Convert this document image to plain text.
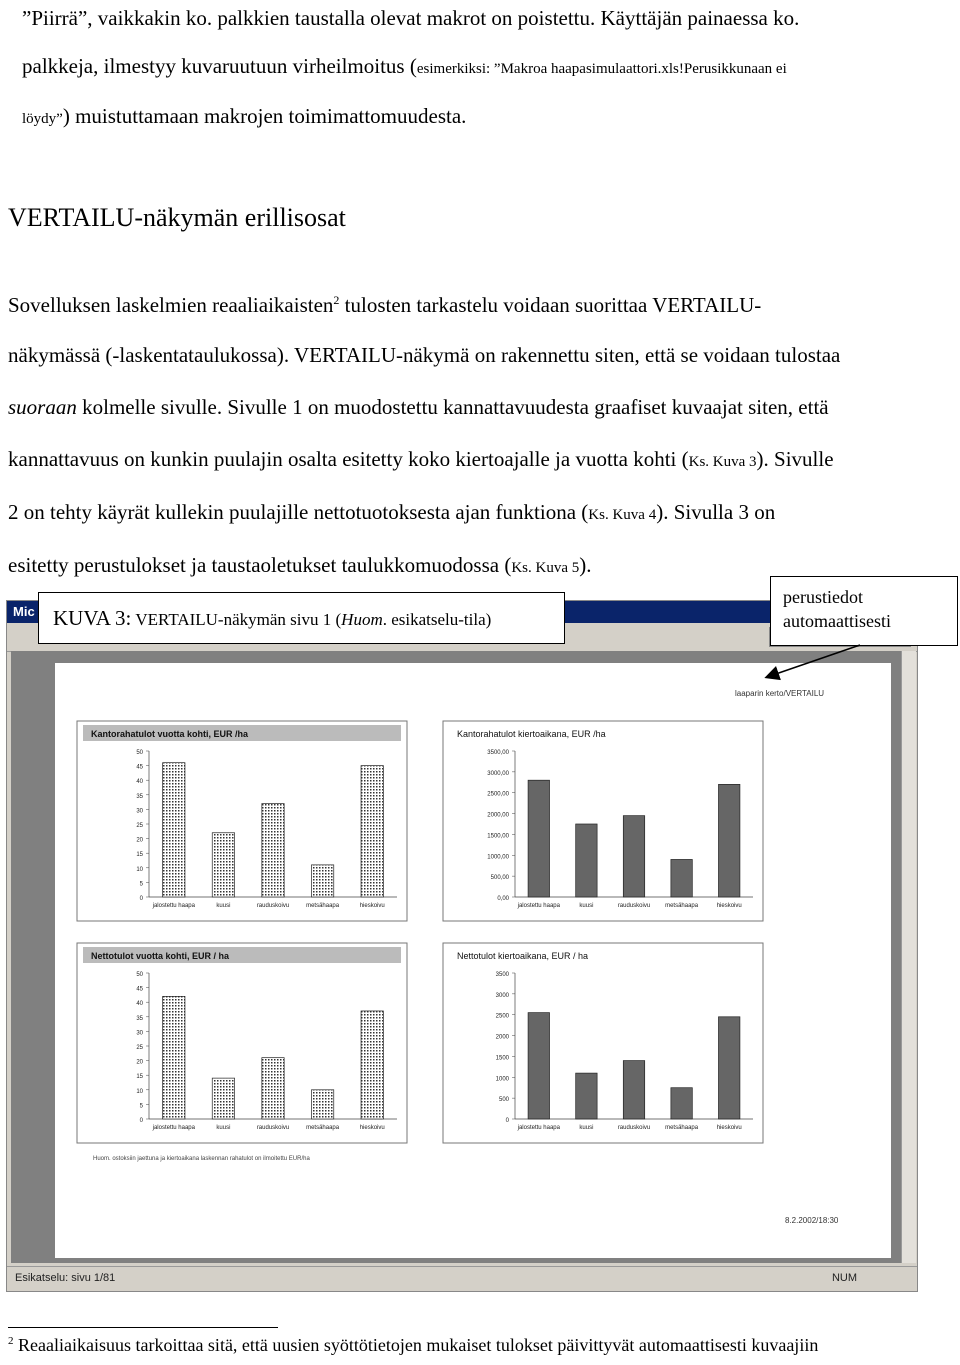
”Piirrä”, vaikkakin ko. palkkien taustalla olevat makrot on poistettu. Käyttäjän painaessa ko.
palkkeja, ilmestyy kuvaruutuun virheilmoitus (esimerkiksi: ”Makroa haapasimulaattori.xls!Perusikkunaan ei
löydy”) muistuttamaan makrojen toimimattomuudesta.
VERTAILU-näkymän erillisosat
Sovelluksen laskelmien reaaliaikaisten$^2$ tulosten tarkastelu voidaan suorittaa VERTAILU-
näkymässä (-laskentataulukossa). VERTAILU-näkymä on rakennettu siten, että se voidaan tulostaa
suoraan kolmelle sivulle. Sivulle 1 on muodostettu kannattavuudesta graafiset kuvaajat siten, että
kannattavuus on kunkin puulajin osalta esitetty koko kiertoajalle ja vuotta kohti (Ks. Kuva 3). Sivulle
2 on tehty käyrät kullekin puulajille nettotuotoksesta ajan funktiona (Ks. Kuva 4). Sivulla 3 on
esitetty perustulokset ja taustaoletukset taulukkomuodossa (Ks. Kuva 5).
Mic
laaparin kerto/VERTAILU
8.2.2002/18:30
Huom. ostoksiin jaettuna ja kiertoaikana laskennan rahatulot on ilmoitettu EUR/ha
Kantorahatulot vuotta kohti, EUR /ha
0
5
10
15
20
25
30
35
40
45
50
jalostettu haapa	kuusi	rauduskoivu	metsähaapa	hieskoivu
Kantorahatulot kiertoaikana, EUR /ha
0,00
500,00
1000,00
1500,00
2000,00
2500,00
3000,00
3500,00
jalostettu haapa	kuusi	rauduskoivu metsähaapa	hieskoivu
Nettotulot vuotta kohti, EUR / ha
0
5
10
15
20
25
30
35
40
45
50
jalostettu haapa	kuusi	rauduskoivu	metsähaapa	hieskoivu
Nettotulot kiertoaikana, EUR / ha
0
500
1000
1500
2000
2500
3000
3500
jalostettu haapa	kuusi	rauduskoivu metsähaapa	hieskoivu
Esikatselu: sivu 1/81	NUM
KUVA 3: VERTAILU-näkymän sivu 1 (Huom. esikatselu-tila)
perustiedot
automaattisesti
$^2$ Reaaliaikaisuus tarkoittaa sitä, että uusien syöttötietojen mukaiset tulokset päivittyvät automaattisesti kuvaajiin
